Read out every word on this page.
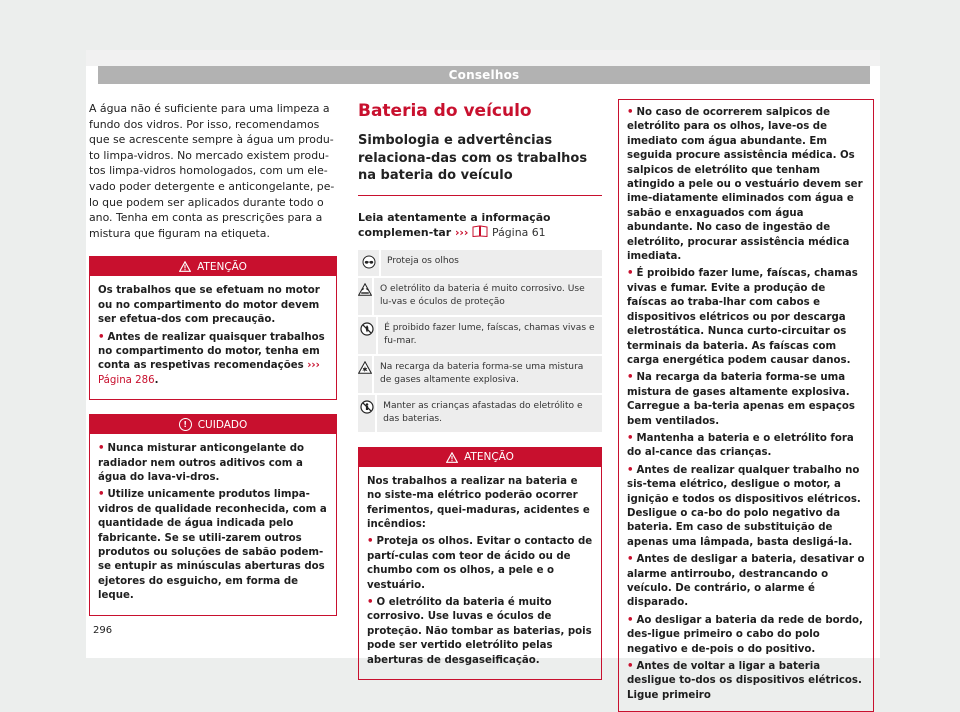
Conselhos

A água não é suficiente para uma limpeza a fundo dos vidros. Por isso, recomendamos que se acrescente sempre à água um produ-to limpa-vidros. No mercado existem produ-tos limpa-vidros homologados, com um ele-vado poder detergente e anticongelante, pe-lo que podem ser aplicados durante todo o ano. Tenha em conta as prescrições para a mistura que figuram na etiqueta.

ATENÇÃO

Os trabalhos que se efetuam no motor ou no compartimento do motor devem ser efetua-dos com precaução.

• Antes de realizar quaisquer trabalhos no compartimento do motor, tenha em conta as respetivas recomendações ››› Página 286.

!	CUIDADO

• Nunca misturar anticongelante do radiador nem outros aditivos com a água do lava-vi-dros.

• Utilize unicamente produtos limpa-vidros de qualidade reconhecida, com a quantidade de água indicada pelo fabricante. Se se utili-zarem outros produtos ou soluções de sabão podem-se entupir as minúsculas aberturas dos ejetores do esguicho, em forma de leque.

Bateria do veículo
Simbologia e advertências relaciona-das com os trabalhos na bateria do veículo

Leia atentamente a informação complemen-tar ››› Página 61

Proteja os olhos
O eletrólito da bateria é muito corrosivo. Use lu-vas e óculos de proteção
É proibido fazer lume, faíscas, chamas vivas e fu-mar.
Na recarga da bateria forma-se uma mistura de gases altamente explosiva.
Manter as crianças afastadas do eletrólito e das baterias.
ATENÇÃO

Nos trabalhos a realizar na bateria e no siste-ma elétrico poderão ocorrer ferimentos, quei-maduras, acidentes e incêndios:

• Proteja os olhos. Evitar o contacto de partí-culas com teor de ácido ou de chumbo com os olhos, a pele e o vestuário.

• O eletrólito da bateria é muito corrosivo. Use luvas e óculos de proteção. Não tombar as baterias, pois pode ser vertido eletrólito pelas aberturas de desgaseificação.

• No caso de ocorrerem salpicos de eletrólito para os olhos, lave-os de imediato com água abundante. Em seguida procure assistência médica. Os salpicos de eletrólito que tenham atingido a pele ou o vestuário devem ser ime-diatamente eliminados com água e sabão e enxaguados com água abundante. No caso de ingestão de eletrólito, procurar assistência médica imediata.

• É proibido fazer lume, faíscas, chamas vivas e fumar. Evite a produção de faíscas ao traba-lhar com cabos e dispositivos elétricos ou por descarga eletrostática. Nunca curto-circuitar os terminais da bateria. As faíscas com carga energética podem causar danos.

• Na recarga da bateria forma-se uma mistura de gases altamente explosiva. Carregue a ba-teria apenas em espaços bem ventilados.

• Mantenha a bateria e o eletrólito fora do al-cance das crianças.

• Antes de realizar qualquer trabalho no sis-tema elétrico, desligue o motor, a ignição e todos os dispositivos elétricos. Desligue o ca-bo do polo negativo da bateria. Em caso de substituição de apenas uma lâmpada, basta desligá-la.

• Antes de desligar a bateria, desativar o alarme antirroubo, destrancando o veículo. De contrário, o alarme é disparado.

• Ao desligar a bateria da rede de bordo, des-ligue primeiro o cabo do polo negativo e de-pois o do positivo.

• Antes de voltar a ligar a bateria desligue to-dos os dispositivos elétricos. Ligue primeiro

296
